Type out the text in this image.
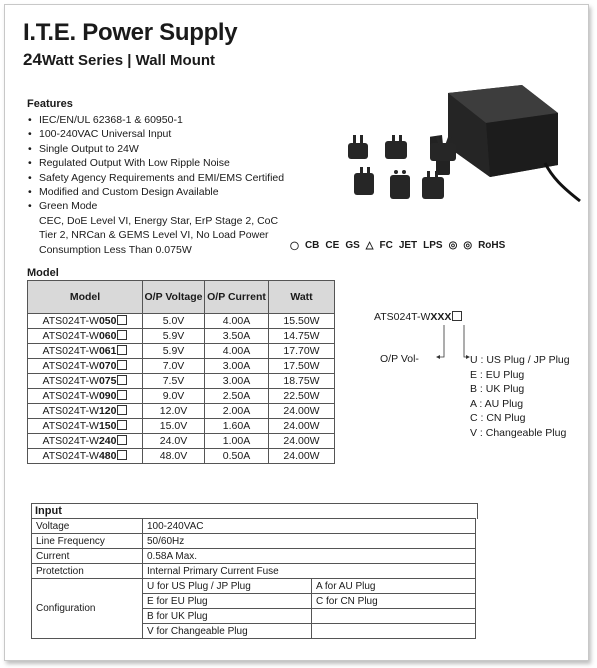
I.T.E. Power Supply
24Watt Series | Wall Mount
Features
• IEC/EN/UL 62368-1 & 60950-1
• 100-240VAC Universal Input
• Single Output to 24W
• Regulated Output With Low Ripple Noise
• Safety Agency Requirements and EMI/EMS Certified
• Modified and Custom Design Available
• Green Mode
CEC, DoE Level VI, Energy Star, ErP Stage 2, CoC
Tier 2, NRCan & GEMS Level VI, No Load Power
Consumption Less Than 0.075W	◯ CB CE GS △ FC JET LPS ◎ ◎ RoHS
Model
Model	O/P Voltage	O/P Current	Watt
ATS024T-W050	5.0V	4.00A	15.50W
ATS024T-W060	5.9V	3.50A	14.75W
ATS024T-W061	5.9V	4.00A	17.70W
ATS024T-W070	7.0V	3.00A	17.50W
ATS024T-W075	7.5V	3.00A	18.75W
ATS024T-W090	9.0V	2.50A	22.50W
ATS024T-W120	12.0V	2.00A	24.00W
ATS024T-W150	15.0V	1.60A	24.00W
ATS024T-W240	24.0V	1.00A	24.00W
ATS024T-W480	48.0V	0.50A	24.00W
ATS024T-WXXX
O/P Vol-	U : US Plug / JP Plug
E : EU Plug
B : UK Plug
A : AU Plug
C : CN Plug
V : Changeable Plug
Input
Voltage	100-240VAC	
Line Frequency	50/60Hz	
Current	0.58A Max.	
Protetction	Internal Primary Current Fuse	
Configuration	U for US Plug / JP Plug	A for AU Plug
	E for EU Plug	C for CN Plug
	B for UK Plug	
	V for Changeable Plug	
